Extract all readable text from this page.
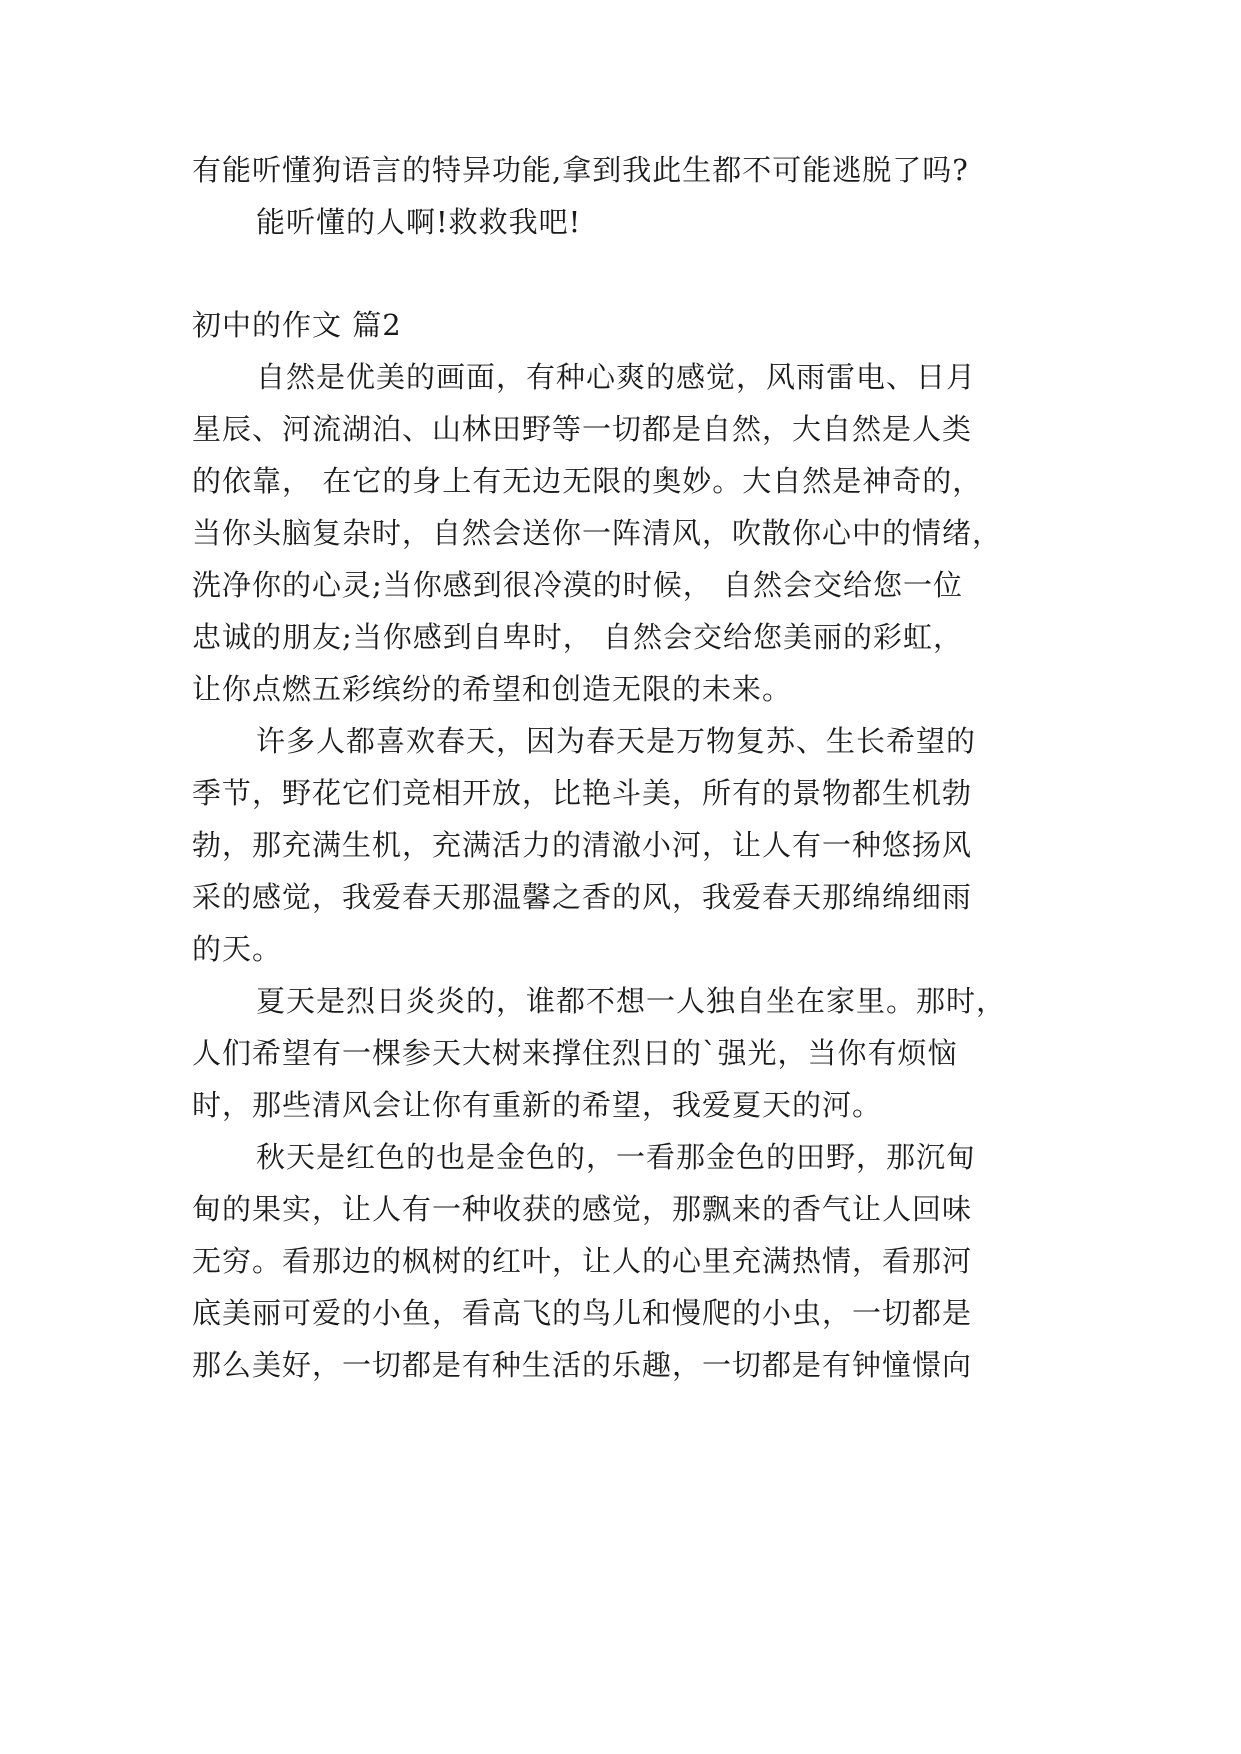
有能听懂狗语言的特异功能,拿到我此生都不可能逃脱了吗?
能听懂的人啊!救救我吧!
初中的作文 篇2
自然是优美的画面，有种心爽的感觉，风雨雷电、日月
星辰、河流湖泊、山林田野等一切都是自然，大自然是人类
的依靠， 在它的身上有无边无限的奥妙。大自然是神奇的，
当你头脑复杂时，自然会送你一阵清风，吹散你心中的情绪，
洗净你的心灵;当你感到很冷漠的时候， 自然会交给您一位
忠诚的朋友;当你感到自卑时， 自然会交给您美丽的彩虹，
让你点燃五彩缤纷的希望和创造无限的未来。
许多人都喜欢春天，因为春天是万物复苏、生长希望的
季节，野花它们竞相开放，比艳斗美，所有的景物都生机勃
勃，那充满生机，充满活力的清澈小河，让人有一种悠扬风
采的感觉，我爱春天那温馨之香的风，我爱春天那绵绵细雨
的天。
夏天是烈日炎炎的，谁都不想一人独自坐在家里。那时，
人们希望有一棵参天大树来撑住烈日的`强光，当你有烦恼
时，那些清风会让你有重新的希望，我爱夏天的河。
秋天是红色的也是金色的，一看那金色的田野，那沉甸
甸的果实，让人有一种收获的感觉，那飘来的香气让人回味
无穷。看那边的枫树的红叶，让人的心里充满热情，看那河
底美丽可爱的小鱼，看高飞的鸟儿和慢爬的小虫，一切都是
那么美好，一切都是有种生活的乐趣，一切都是有钟憧憬向
